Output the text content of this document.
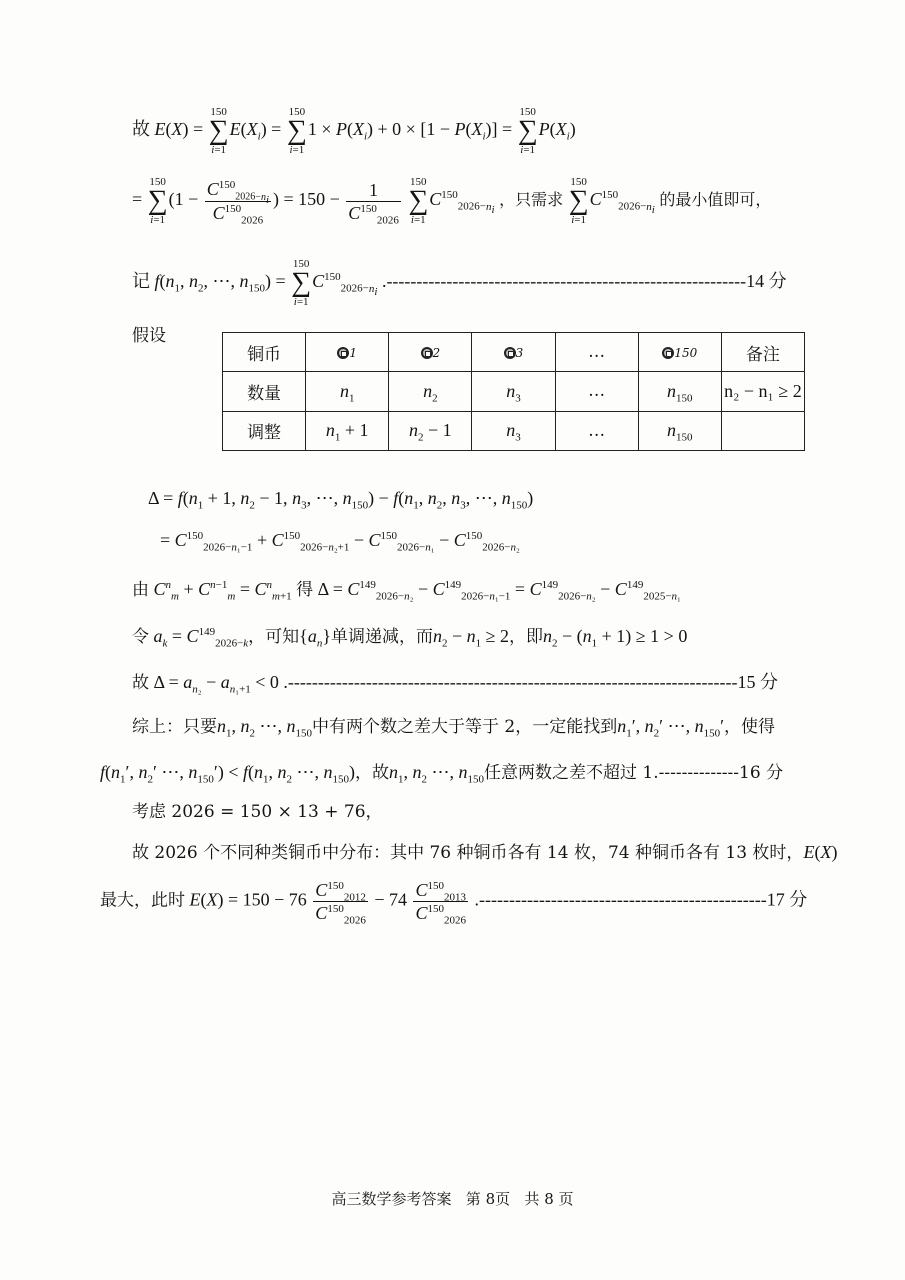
故 E(X) =
150
∑
i=1
$E(X_i)$ =
150
∑
i=1
$1 \times P(X_i) + 0 \times [1 - P(X_i)]$ =
150
∑
i=1
$P(X_i)$
=
150
∑
i=1
($1 - \frac{C^{150}_{2026-n_i}}{C^{150}_{2026}}$ ) = $150 - \frac{1}{C^{150}_{2026}}$
150
∑
i=1
$C^{150}_{2026-n_i}$ ，只需求
150
∑
i=1
$C^{150}_{2026-n_i}$ 的最小值即可，
记 $f(n_1$, $n_2$, ⋯, $n_{150}$) =
150
∑
i=1
$C^{150}_{2026-n_i}$ .------------------------------------------------------------14 分
假设
铜币	1	2	3	…	150	备注
数量	$n_1$	$n_2$	$n_3$	…	$n_{150}$	n₂ − n₁ ≥ 2
调整	$n_1 + 1$	$n_2 - 1$	$n_3$	…	$n_{150}$	
$\Delta = f(n_1 + 1$, $n_2 - 1$, $n_3$, ⋯, $n_{150}) - f(n_1$, $n_2$, $n_3$, ⋯, $n_{150}$)
= $C^{150}_{2026-n_1-1} + C^{150}_{2026-n_2+1} - C^{150}_{2026-n_1} - C^{150}_{2026-n_2}$
由 $C^n_m + C^{n-1}_m = C^n_{m+1}$ 得 $\Delta = C^{149}_{2026-n_2} - C^{149}_{2026-n_1-1} = C^{149}_{2026-n_2} - C^{149}_{2025-n_1}$
令 $a_k = C^{149}_{2026-k}$，可知$\{a_n\}$单调递减，而$n_2 - n_1 \ge 2$，即$n_2 - (n_1 + 1) \ge 1 > 0$
故 $\Delta = a_{n_2} - a_{n_1+1} < 0$ .---------------------------------------------------------------------------15 分
综上：只要$n_1$, $n_2$ ⋯, $n_{150}$中有两个数之差大于等于 2，一定能找到$n_1'$, $n_2'$ ⋯, $n_{150}'$，使得
$f(n_1'$, $n_2'$ ⋯, $n_{150}') < f(n_1$, $n_2$ ⋯, $n_{150}$)，故$n_1$, $n_2$ ⋯, $n_{150}$任意两数之差不超过 1.--------------16 分
考虑 2026 = 150 × 13 + 76，
故 2026 个不同种类铜币中分布：其中 76 种铜币各有 14 枚，74 种铜币各有 13 枚时，E(X)
最大，此时 $E(X) = 150 - 76 \frac{C^{150}_{2012}}{C^{150}_{2026}} - 74 \frac{C^{150}_{2013}}{C^{150}_{2026}} .------------------------------------------------17$ 分
高三数学参考答案 第 8页 共 8 页
